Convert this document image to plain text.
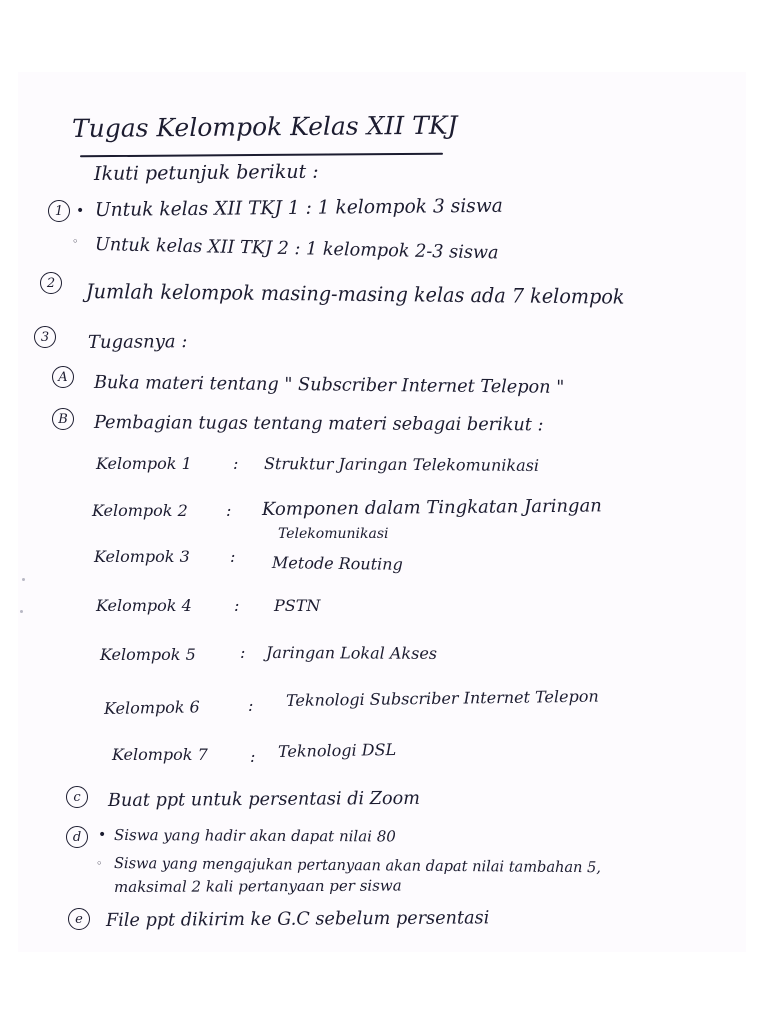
Tugas Kelompok Kelas XII TKJ
Ikuti petunjuk berikut :
1 • Untuk kelas XII TKJ 1 : 1 kelompok 3 siswa
◦ Untuk kelas XII TKJ 2 : 1 kelompok 2-3 siswa
2	Jumlah kelompok masing-masing kelas ada 7 kelompok
3	Tugasnya :
A	Buka materi tentang " Subscriber Internet Telepon "
B	Pembagian tugas tentang materi sebagai berikut :
Kelompok 1	: Struktur Jaringan Telekomunikasi
Kelompok 2 : Komponen dalam Tingkatan Jaringan
Telekomunikasi
Kelompok 3	: Metode Routing
Kelompok 4	: PSTN
Kelompok 5	: Jaringan Lokal Akses
Kelompok 6	: Teknologi Subscriber Internet Telepon
Kelompok 7	: Teknologi DSL
c	Buat ppt untuk persentasi di Zoom
d	• Siswa yang hadir akan dapat nilai 80
◦ Siswa yang mengajukan pertanyaan akan dapat nilai tambahan 5,
maksimal 2 kali pertanyaan per siswa
e	File ppt dikirim ke G.C sebelum persentasi
